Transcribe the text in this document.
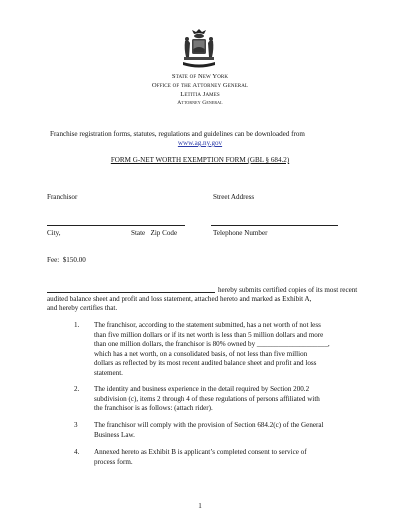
State of New York
Office of the Attorney General
Letitia James
Attorney General
Franchise registration forms, statutes, regulations and guidelines can be downloaded from
www.ag.ny.gov
FORM G-NET WORTH EXEMPTION FORM (GBL § 684.2)
Franchisor	Street Address
City,	State   Zip Code	Telephone Number
Fee:  $150.00
hereby submits certified copies of its most recent
audited balance sheet and profit and loss statement, attached hereto and marked as Exhibit A,
and hereby certifies that.
1. The franchisor, according to the statement submitted, has a net worth of not less
than five million dollars or if its net worth is less than 5 million dollars and more
than one million dollars, the franchisor is 80% owned by ____________________,
which has a net worth, on a consolidated basis, of not less than five million
dollars as reflected by its most recent audited balance sheet and profit and loss
statement.
2. The identity and business experience in the detail required by Section 200.2
subdivision (c), items 2 through 4 of these regulations of persons affiliated with
the franchisor is as follows: (attach rider).
3 The franchisor will comply with the provision of Section 684.2(c) of the General
Business Law.
4. Annexed hereto as Exhibit B is applicant’s completed consent to service of
process form.
1
